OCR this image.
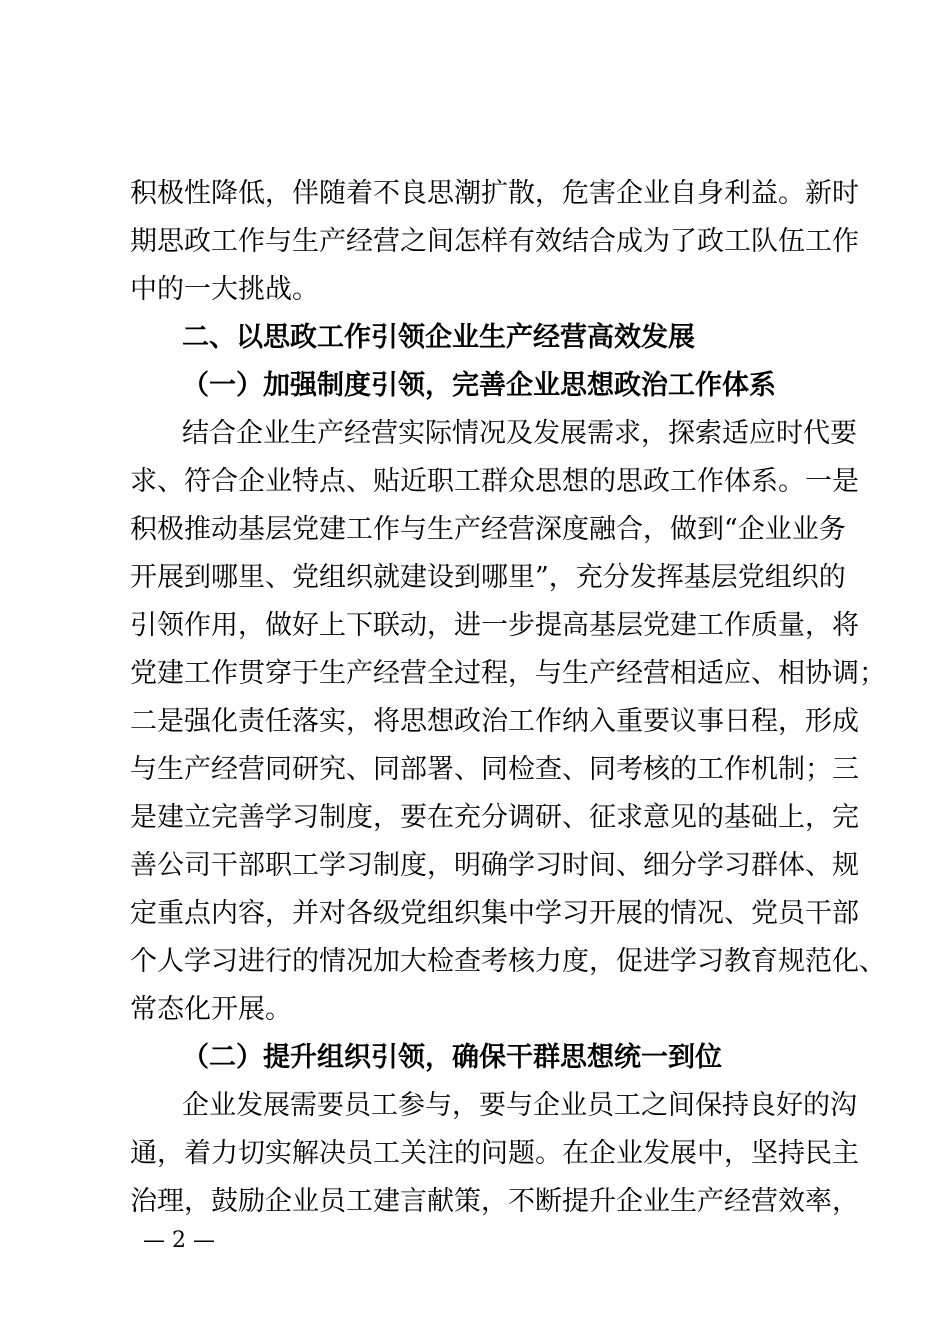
积极性降低，伴随着不良思潮扩散，危害企业自身利益。新时
期思政工作与生产经营之间怎样有效结合成为了政工队伍工作
中的一大挑战。
二、以思政工作引领企业生产经营高效发展
（一）加强制度引领，完善企业思想政治工作体系
结合企业生产经营实际情况及发展需求，探索适应时代要
求、符合企业特点、贴近职工群众思想的思政工作体系。一是
积极推动基层党建工作与生产经营深度融合，做到“企业业务
开展到哪里、党组织就建设到哪里”，充分发挥基层党组织的
引领作用，做好上下联动，进一步提高基层党建工作质量，将
党建工作贯穿于生产经营全过程，与生产经营相适应、相协调；
二是强化责任落实，将思想政治工作纳入重要议事日程，形成
与生产经营同研究、同部署、同检查、同考核的工作机制；三
是建立完善学习制度，要在充分调研、征求意见的基础上，完
善公司干部职工学习制度，明确学习时间、细分学习群体、规
定重点内容，并对各级党组织集中学习开展的情况、党员干部
个人学习进行的情况加大检查考核力度，促进学习教育规范化、
常态化开展。
（二）提升组织引领，确保干群思想统一到位
企业发展需要员工参与，要与企业员工之间保持良好的沟
通，着力切实解决员工关注的问题。在企业发展中，坚持民主
治理，鼓励企业员工建言献策，不断提升企业生产经营效率，
— 2 —
